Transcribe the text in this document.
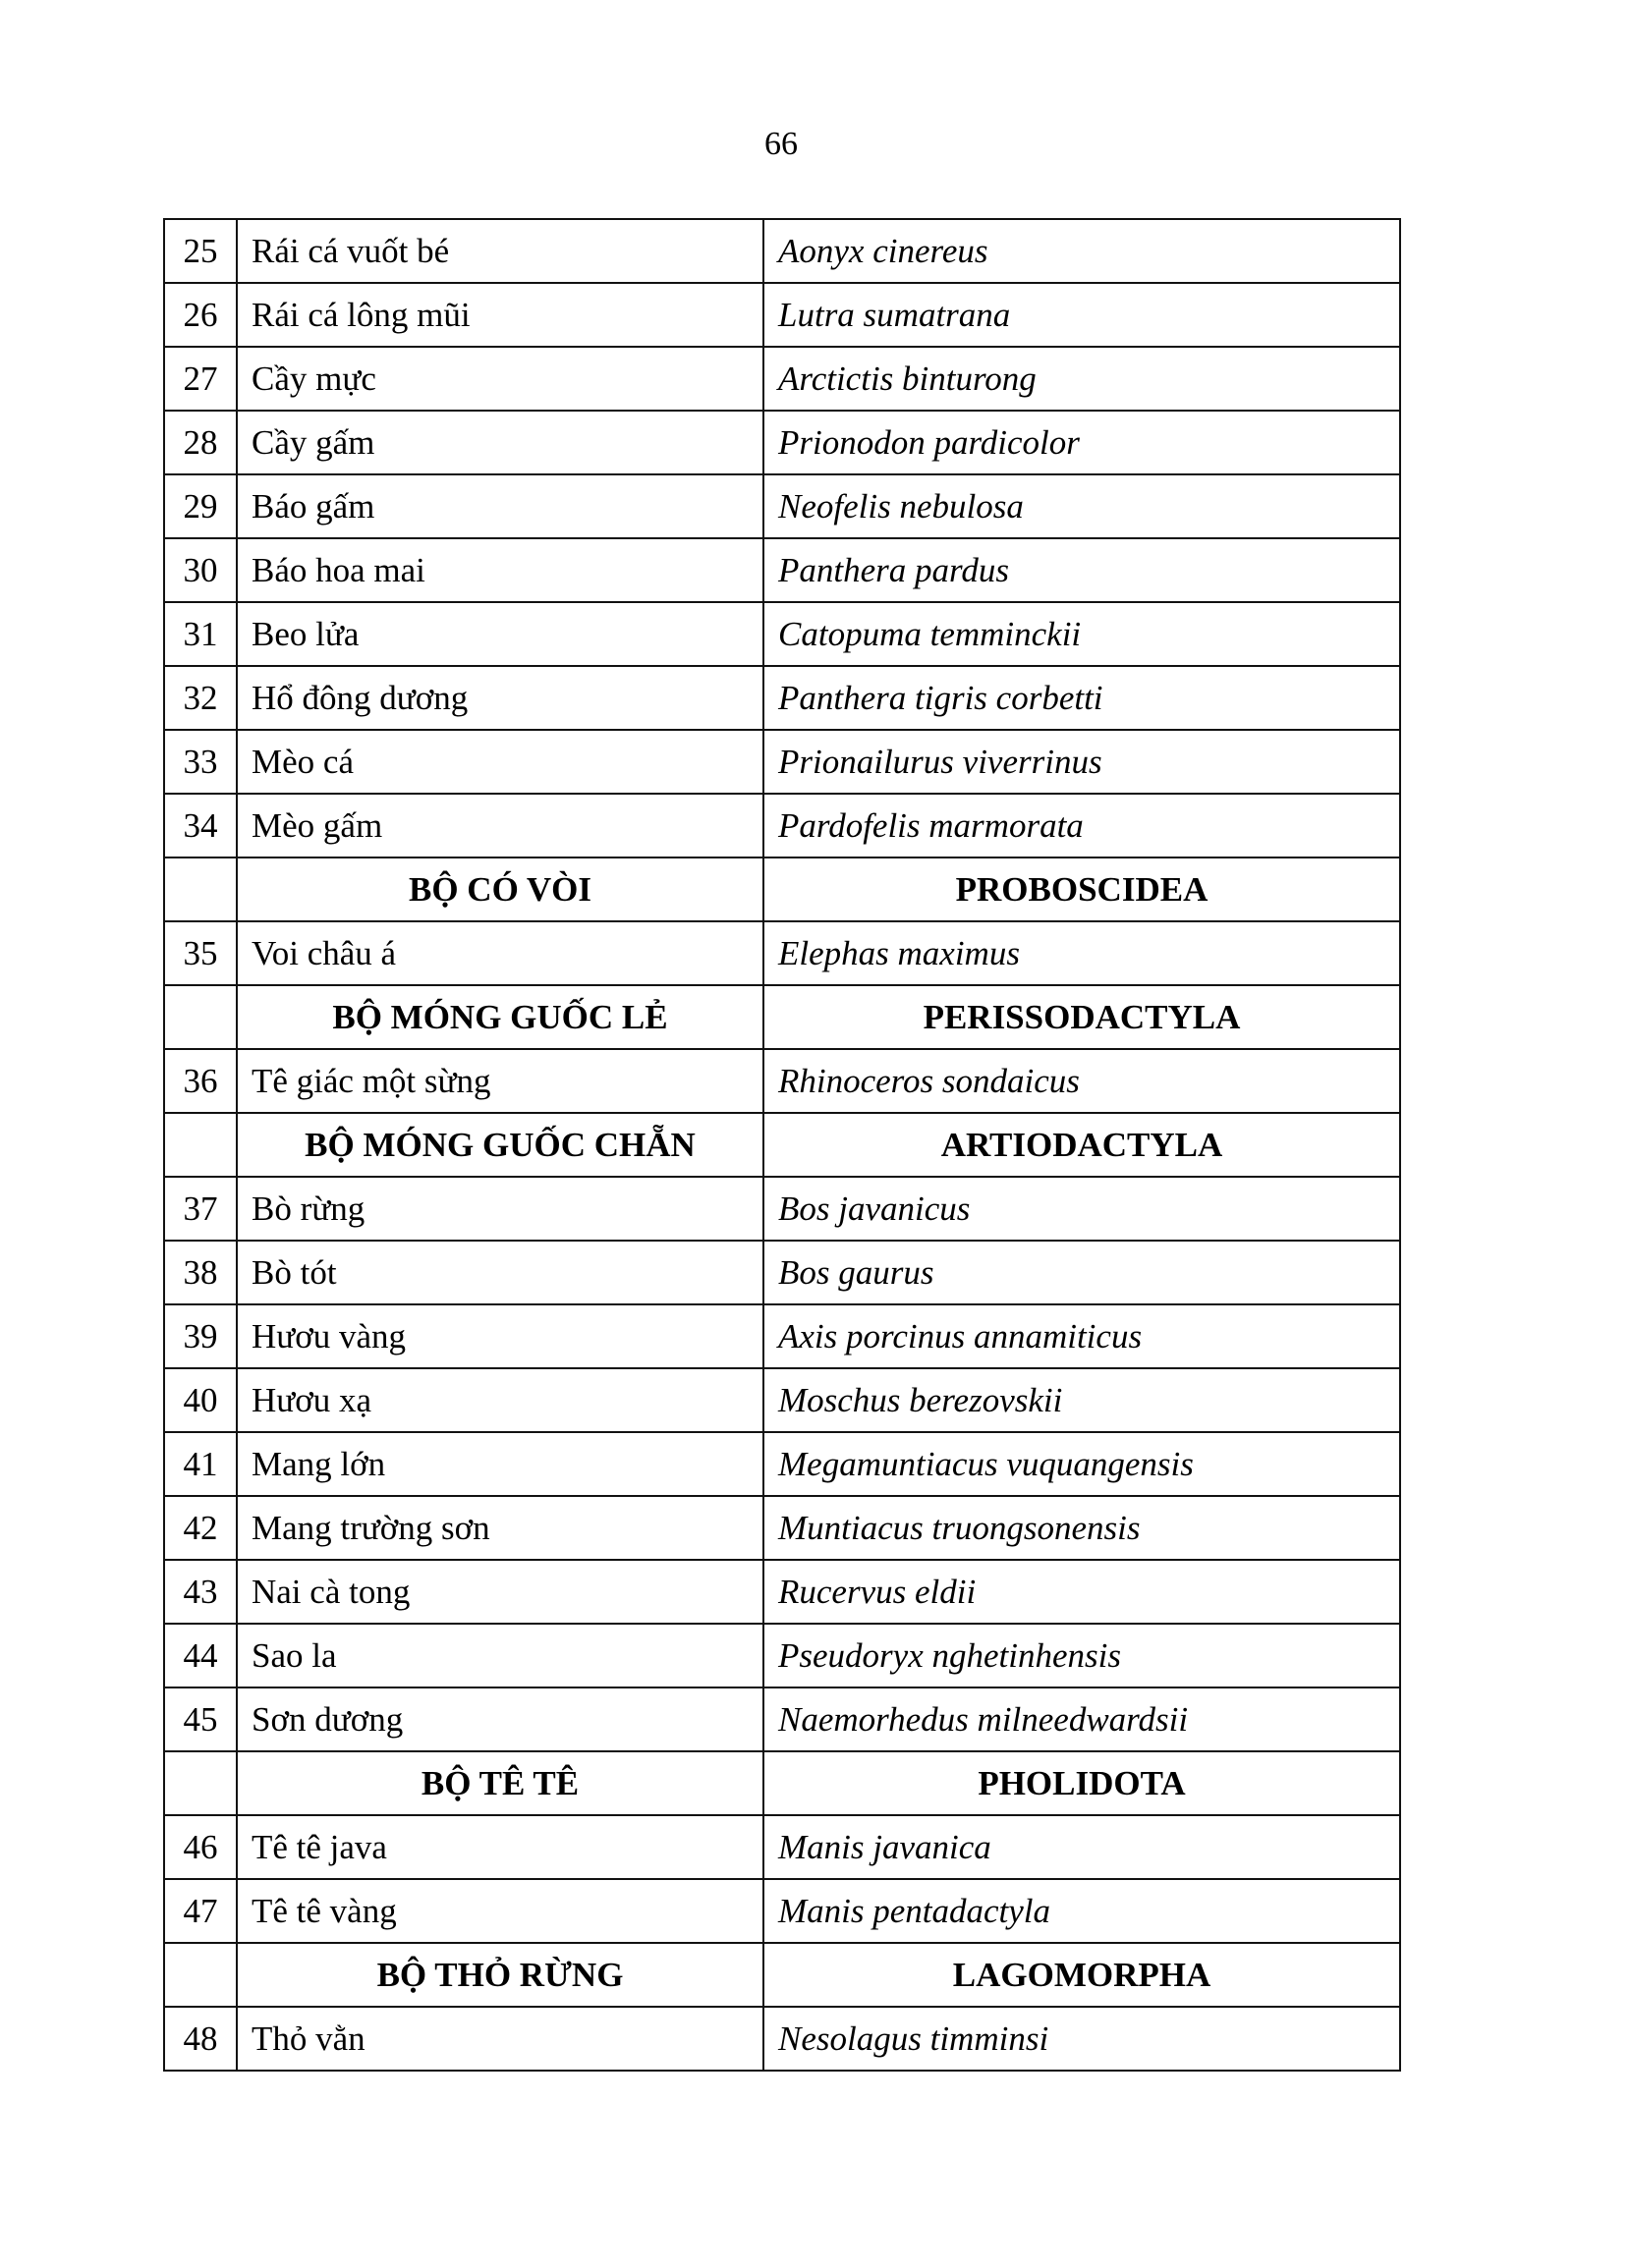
66
25	Rái cá vuốt bé	Aonyx cinereus
26	Rái cá lông mũi	Lutra sumatrana
27	Cầy mực	Arctictis binturong
28	Cầy gấm	Prionodon pardicolor
29	Báo gấm	Neofelis nebulosa
30	Báo hoa mai	Panthera pardus
31	Beo lửa	Catopuma temminckii
32	Hổ đông dương	Panthera tigris corbetti
33	Mèo cá	Prionailurus viverrinus
34	Mèo gấm	Pardofelis marmorata
	BỘ CÓ VÒI	PROBOSCIDEA
35	Voi châu á	Elephas maximus
	BỘ MÓNG GUỐC LẺ	PERISSODACTYLA
36	Tê giác một sừng	Rhinoceros sondaicus
	BỘ MÓNG GUỐC CHẴN	ARTIODACTYLA
37	Bò rừng	Bos javanicus
38	Bò tót	Bos gaurus
39	Hươu vàng	Axis porcinus annamiticus
40	Hươu xạ	Moschus berezovskii
41	Mang lớn	Megamuntiacus vuquangensis
42	Mang trường sơn	Muntiacus truongsonensis
43	Nai cà tong	Rucervus eldii
44	Sao la	Pseudoryx nghetinhensis
45	Sơn dương	Naemorhedus milneedwardsii
	BỘ TÊ TÊ	PHOLIDOTA
46	Tê tê java	Manis javanica
47	Tê tê vàng	Manis pentadactyla
	BỘ THỎ RỪNG	LAGOMORPHA
48	Thỏ vằn	Nesolagus timminsi
